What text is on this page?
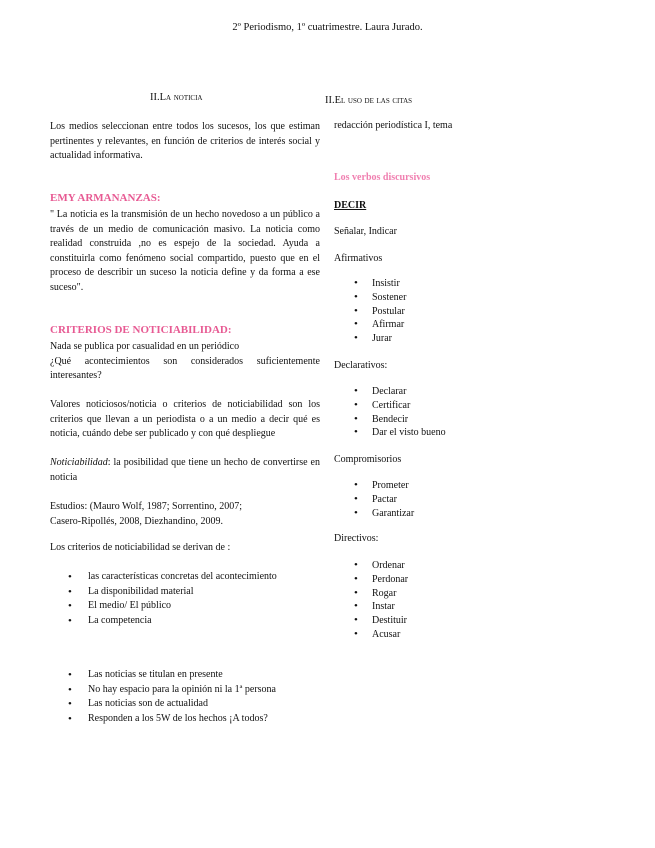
2º Periodismo, 1º cuatrimestre. Laura Jurado.
II.La noticia
Los medios seleccionan entre todos los sucesos, los que estiman pertinentes y relevantes, en función de criterios de interés social y actualidad informativa.
EMY ARMANANZAS:
" La noticia es la transmisión de un hecho novedoso a un público a través de un medio de comunicación masivo. La noticia como realidad construida ,no es espejo de la sociedad. Ayuda a constituirla como fenómeno social compartido, puesto que en el proceso de describir un suceso la noticia define y da forma a ese suceso".
CRITERIOS DE NOTICIABILIDAD:
Nada se publica por casualidad en un periódico
¿Qué acontecimientos son considerados suficientemente interesantes?
Valores noticiosos/noticia o criterios de noticiabilidad son los criterios que llevan a un periodista o a un medio a decir qué es noticia, cuándo debe ser publicado y con qué despliegue
Noticiabilidad: la posibilidad que tiene un hecho de convertirse en noticia
Estudios: (Mauro Wolf, 1987; Sorrentino, 2007;
Casero-Ripollés, 2008, Diezhandino, 2009.
Los criterios de noticiabilidad se derivan de :
• las características concretas del acontecimiento
• La disponibilidad material
• El medio/ El público
• La competencia
• Las noticias se titulan en presente
• No hay espacio para la opinión ni la 1ª persona
• Las noticias son de actualidad
• Responden a los 5W de los hechos ¡A todos?
II.El uso de las citas
redacción periodística I, tema
Los verbos discursivos
DECIR
Señalar, Indicar
Afirmativos
• Insistir
• Sostener
• Postular
• Afirmar
• Jurar
Declarativos:
• Declarar
• Certificar
• Bendecir
• Dar el visto bueno
Compromisorios
• Prometer
• Pactar
• Garantizar
Directivos:
• Ordenar
• Perdonar
• Rogar
• Instar
• Destituir
• Acusar
